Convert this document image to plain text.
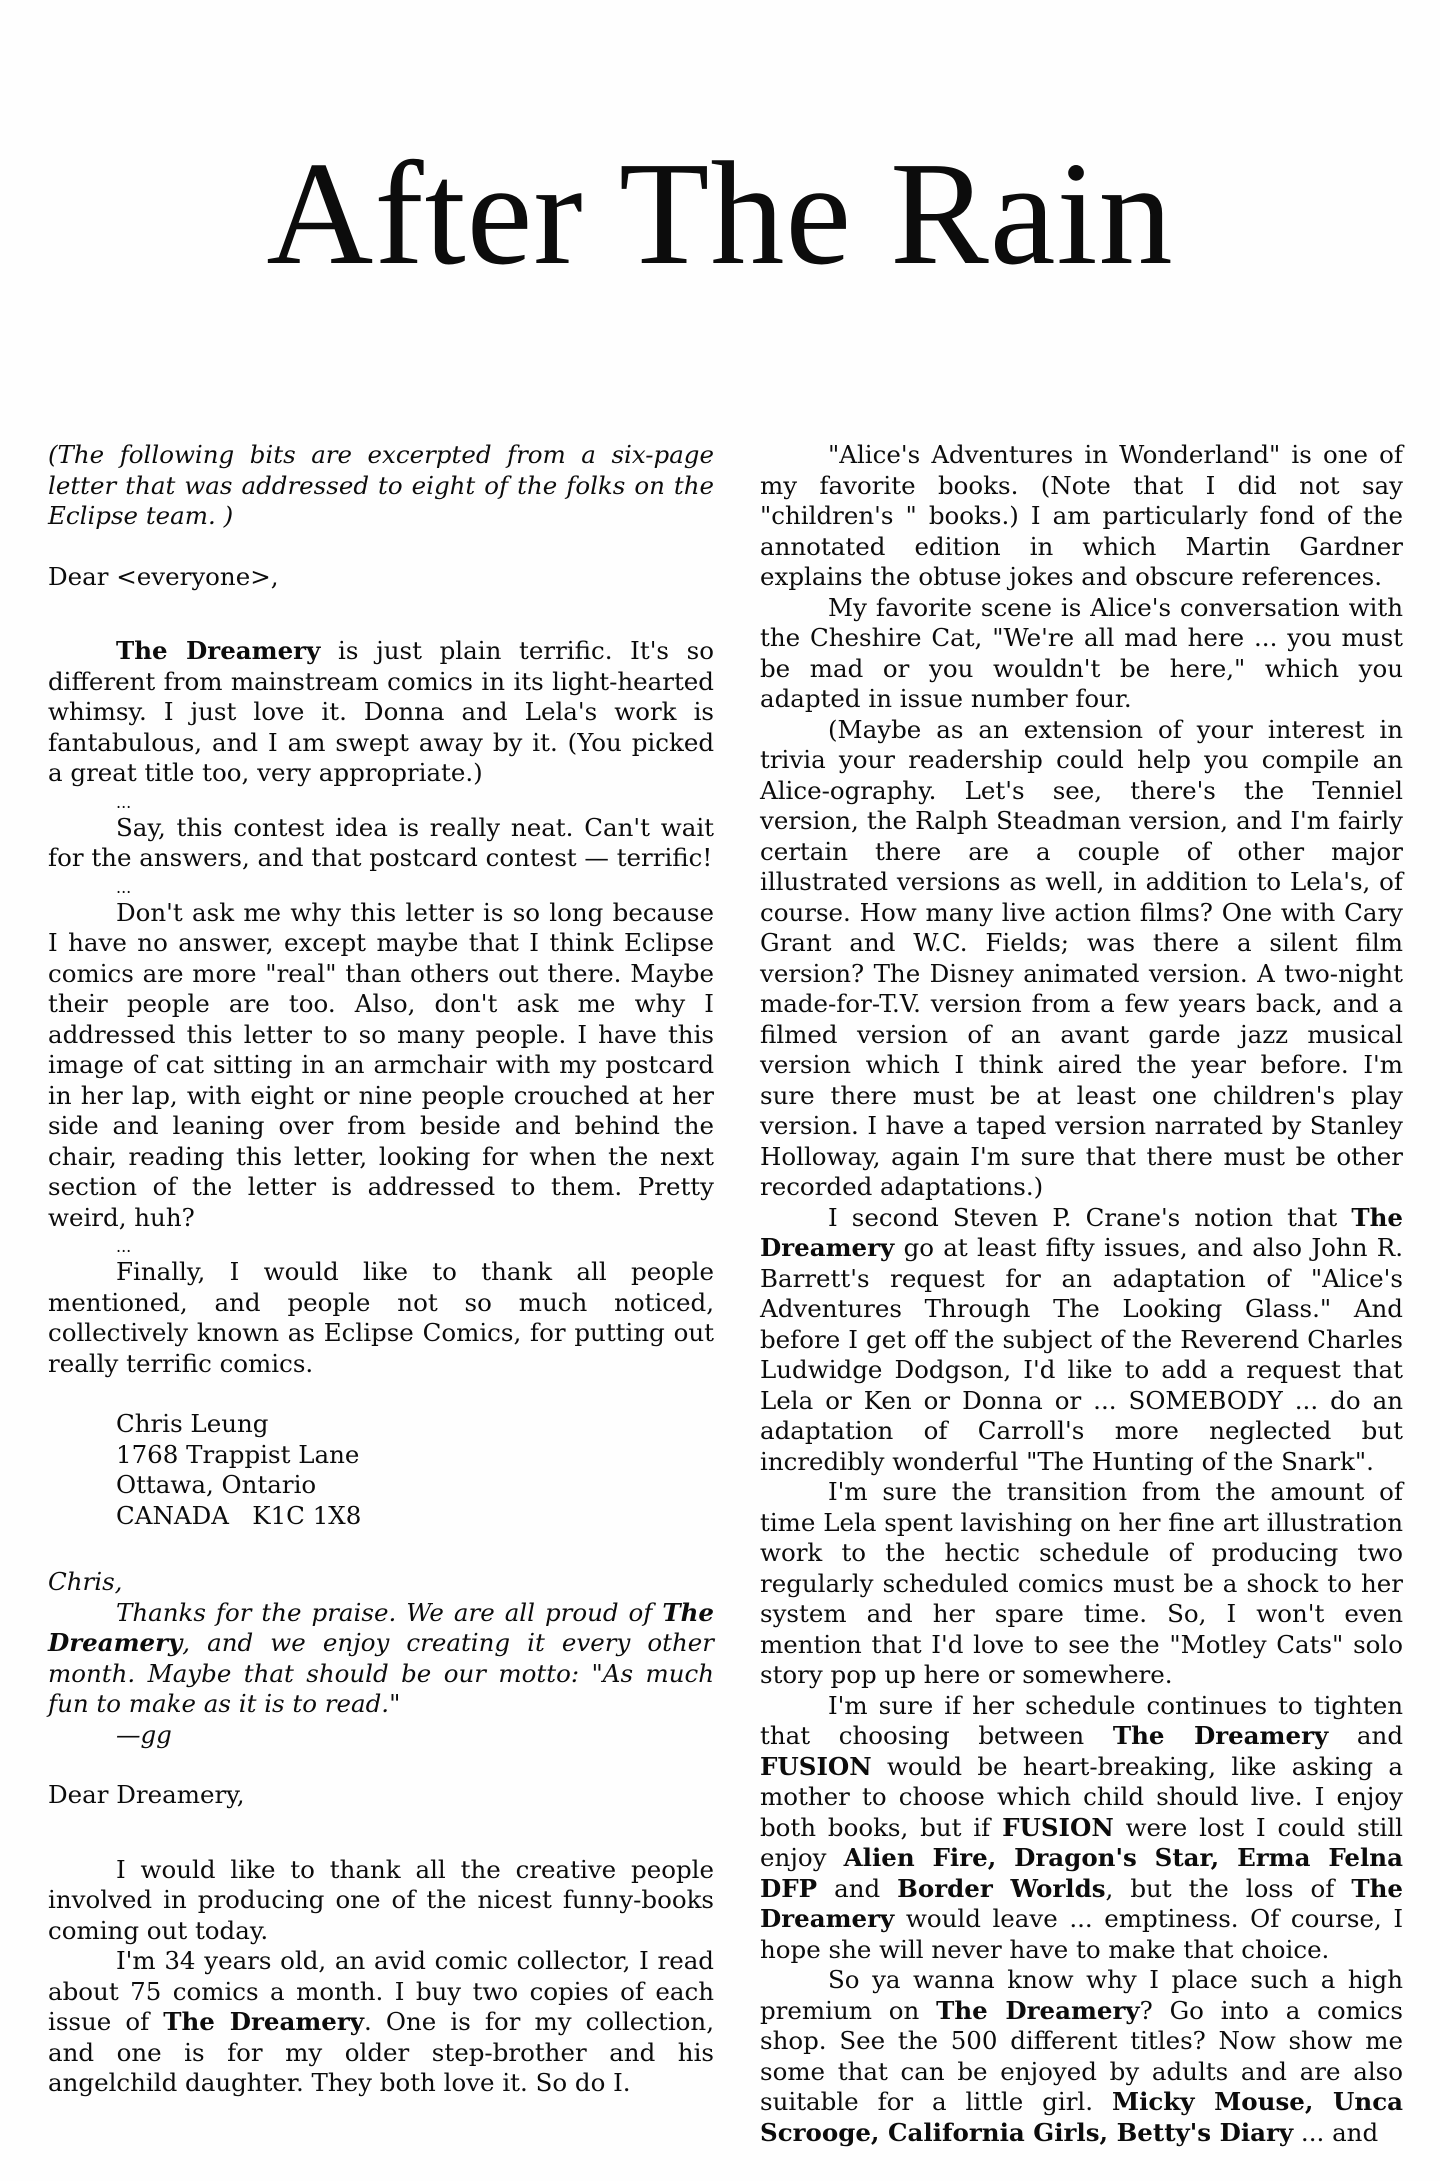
After The Rain

(The following bits are excerpted from a six-page letter that was addressed to eight of the folks on the Eclipse team. )

Dear <everyone>,

The Dreamery is just plain terrific. It's so different from mainstream comics in its light-hearted whimsy. I just love it. Donna and Lela's work is fantabulous, and I am swept away by it. (You picked a great title too, very appropriate.)

...

Say, this contest idea is really neat. Can't wait for the answers, and that postcard contest — terrific!

...

Don't ask me why this letter is so long because I have no answer, except maybe that I think Eclipse comics are more "real" than others out there. Maybe their people are too. Also, don't ask me why I addressed this letter to so many people. I have this image of cat sitting in an armchair with my postcard in her lap, with eight or nine people crouched at her side and leaning over from beside and behind the chair, reading this letter, looking for when the next section of the letter is addressed to them. Pretty weird, huh?

...

Finally, I would like to thank all people mentioned, and people not so much noticed, collectively known as Eclipse Comics, for putting out really terrific comics.

Chris Leung
1768 Trappist Lane
Ottawa, Ontario
CANADA   K1C 1X8

Chris,

Thanks for the praise. We are all proud of The Dreamery, and we enjoy creating it every other month. Maybe that should be our motto: "As much fun to make as it is to read."

—gg

Dear Dreamery,

I would like to thank all the creative people involved in producing one of the nicest funny-books coming out today.

I'm 34 years old, an avid comic collector, I read about 75 comics a month. I buy two copies of each issue of The Dreamery. One is for my collection, and one is for my older step-brother and his angelchild daughter. They both love it. So do I.

"Alice's Adventures in Wonderland" is one of my favorite books. (Note that I did not say "children's " books.) I am particularly fond of the annotated edition in which Martin Gardner explains the obtuse jokes and obscure references.

My favorite scene is Alice's conversation with the Cheshire Cat, "We're all mad here ... you must be mad or you wouldn't be here," which you adapted in issue number four.

(Maybe as an extension of your interest in trivia your readership could help you compile an Alice-ography. Let's see, there's the Tenniel version, the Ralph Steadman version, and I'm fairly certain there are a couple of other major illustrated versions as well, in addition to Lela's, of course. How many live action films? One with Cary Grant and W.C. Fields; was there a silent film version? The Disney animated version. A two-night made-for-T.V. version from a few years back, and a filmed version of an avant garde jazz musical version which I think aired the year before. I'm sure there must be at least one children's play version. I have a taped version narrated by Stanley Holloway, again I'm sure that there must be other recorded adaptations.)

I second Steven P. Crane's notion that The Dreamery go at least fifty issues, and also John R. Barrett's request for an adaptation of "Alice's Adventures Through The Looking Glass." And before I get off the subject of the Reverend Charles Ludwidge Dodgson, I'd like to add a request that Lela or Ken or Donna or ... SOMEBODY ... do an adaptation of Carroll's more neglected but incredibly wonderful "The Hunting of the Snark".

I'm sure the transition from the amount of time Lela spent lavishing on her fine art illustration work to the hectic schedule of producing two regularly scheduled comics must be a shock to her system and her spare time. So, I won't even mention that I'd love to see the "Motley Cats" solo story pop up here or somewhere.

I'm sure if her schedule continues to tighten that choosing between The Dreamery and FUSION would be heart-breaking, like asking a mother to choose which child should live. I enjoy both books, but if FUSION were lost I could still enjoy Alien Fire, Dragon's Star, Erma Felna DFP and Border Worlds, but the loss of The Dreamery would leave ... emptiness. Of course, I hope she will never have to make that choice.

So ya wanna know why I place such a high premium on The Dreamery? Go into a comics shop. See the 500 different titles? Now show me some that can be enjoyed by adults and are also suitable for a little girl. Micky Mouse, Unca Scrooge, California Girls, Betty's Diary ... and
